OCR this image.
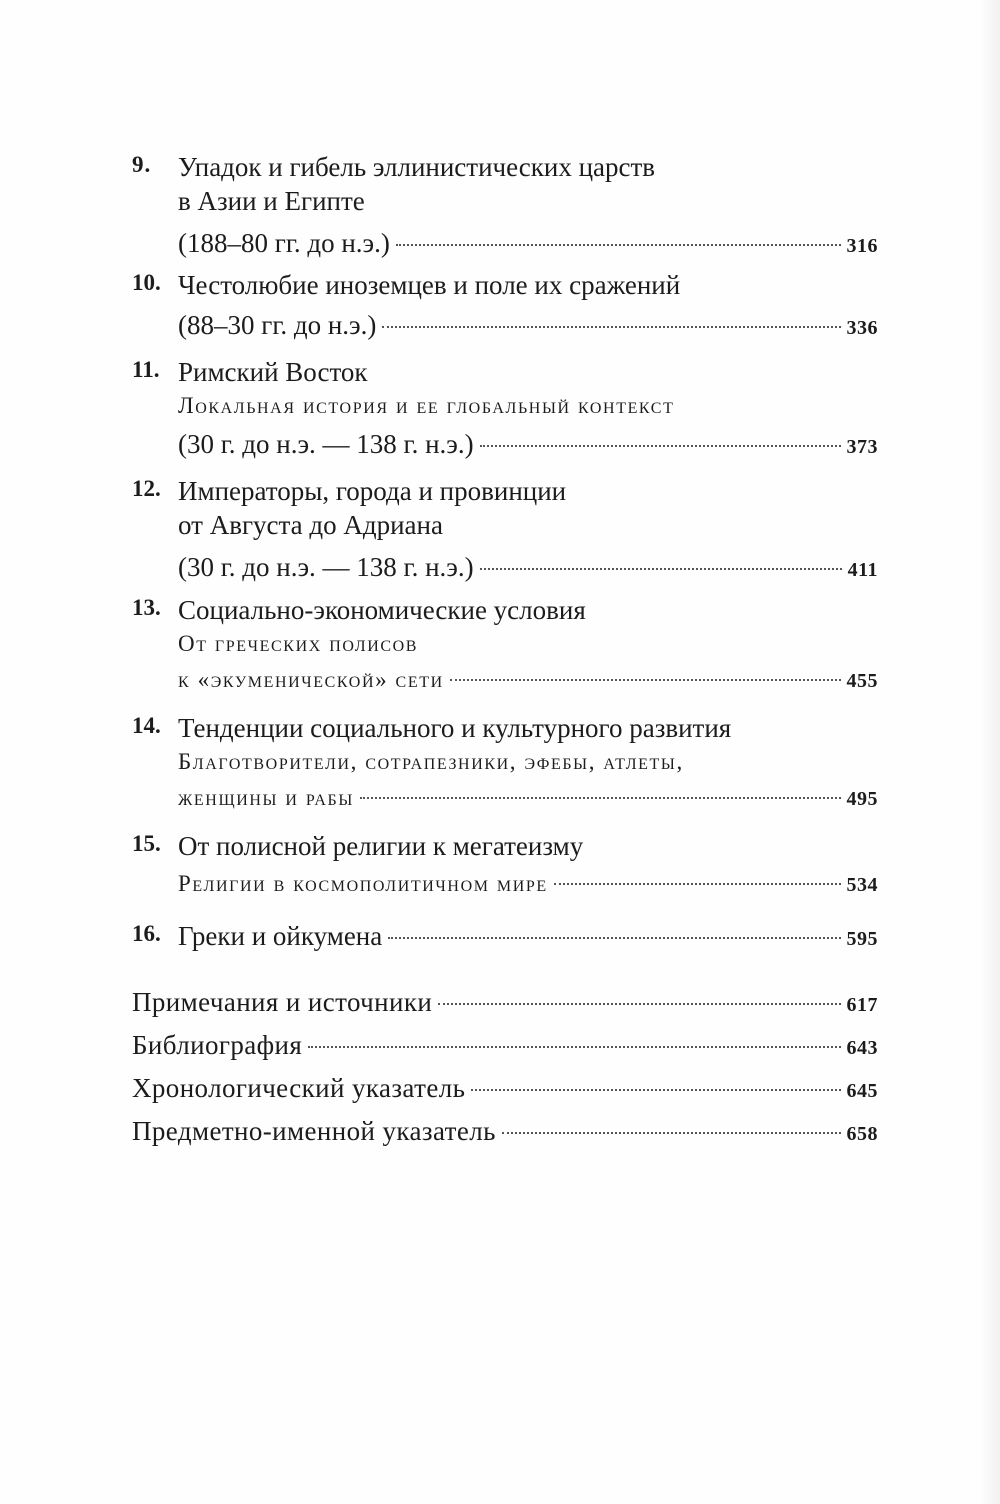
9. Упадок и гибель эллинистических царств
в Азии и Египте
(188–80 гг. до н.э.)	316
10. Честолюбие иноземцев и поле их сражений
(88–30 гг. до н.э.)	336
11. Римский Восток
Локальная история и ее глобальный контекст
(30 г. до н.э. — 138 г. н.э.)	373
12. Императоры, города и провинции
от Августа до Адриана
(30 г. до н.э. — 138 г. н.э.)	411
13. Социально-экономические условия
От греческих полисов
к «экуменической» сети	455
14. Тенденции социального и культурного развития
Благотворители, сотрапезники, эфебы, атлеты,
женщины и рабы	495
15. От полисной религии к мегатеизму
Религии в космополитичном мире	534
16. Греки и ойкумена	595
Примечания и источники	617
Библиография	643
Хронологический указатель	645
Предметно-именной указатель	658
